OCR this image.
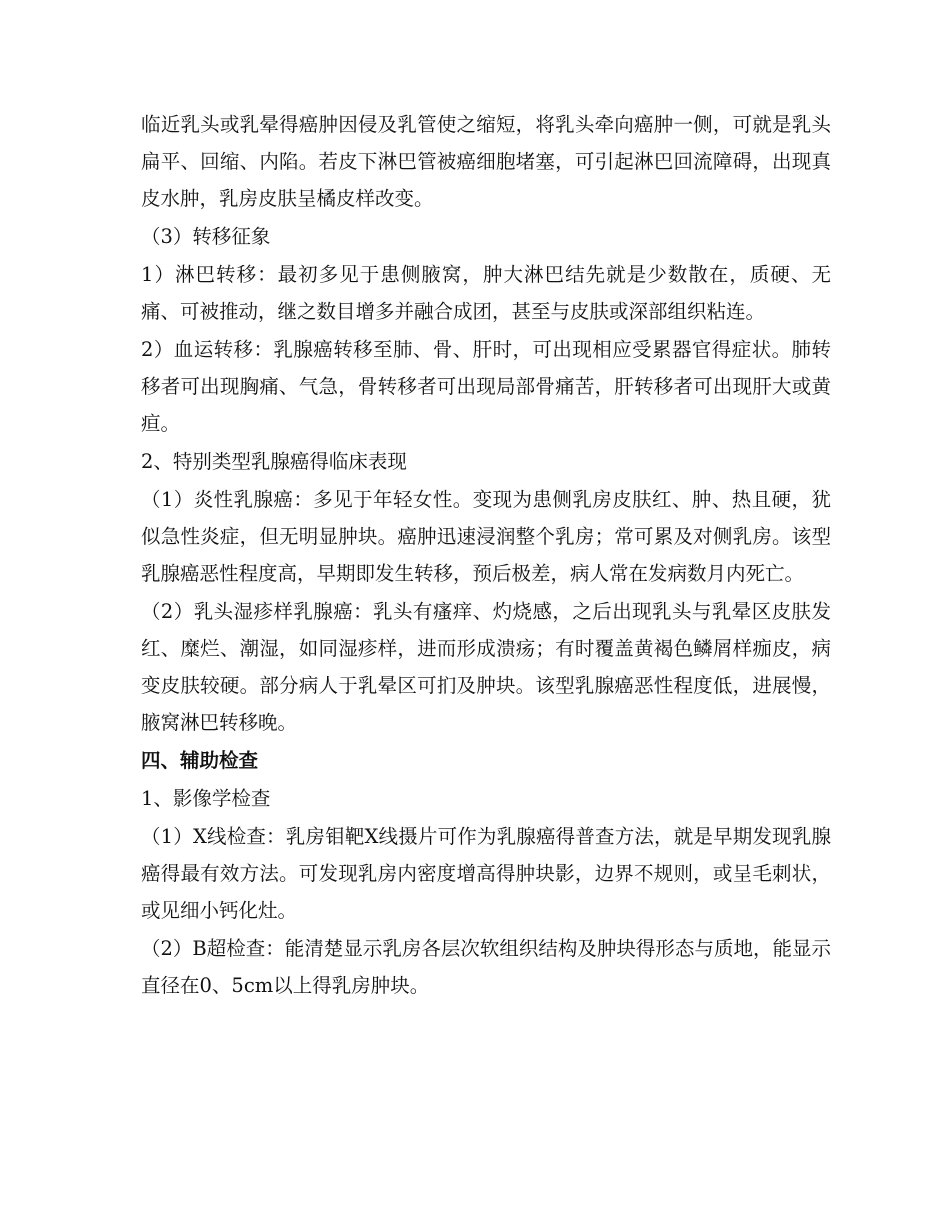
临近乳头或乳晕得癌肿因侵及乳管使之缩短，将乳头牵向癌肿一侧，可就是乳头扁平、回缩、内陷。若皮下淋巴管被癌细胞堵塞，可引起淋巴回流障碍，出现真皮水肿，乳房皮肤呈橘皮样改变。

（3）转移征象

1）淋巴转移：最初多见于患侧腋窝，肿大淋巴结先就是少数散在，质硬、无痛、可被推动，继之数目增多并融合成团，甚至与皮肤或深部组织粘连。

2）血运转移：乳腺癌转移至肺、骨、肝时，可出现相应受累器官得症状。肺转移者可出现胸痛、气急，骨转移者可出现局部骨痛苦，肝转移者可出现肝大或黄疸。

2、特别类型乳腺癌得临床表现

（1）炎性乳腺癌：多见于年轻女性。变现为患侧乳房皮肤红、肿、热且硬，犹似急性炎症，但无明显肿块。癌肿迅速浸润整个乳房；常可累及对侧乳房。该型乳腺癌恶性程度高，早期即发生转移，预后极差，病人常在发病数月内死亡。

（2）乳头湿疹样乳腺癌：乳头有瘙痒、灼烧感，之后出现乳头与乳晕区皮肤发红、糜烂、潮湿，如同湿疹样，进而形成溃疡；有时覆盖黄褐色鳞屑样痂皮，病变皮肤较硬。部分病人于乳晕区可扪及肿块。该型乳腺癌恶性程度低，进展慢，腋窝淋巴转移晚。

四、辅助检查

1、影像学检查

（1）X线检查：乳房钼靶X线摄片可作为乳腺癌得普查方法，就是早期发现乳腺癌得最有效方法。可发现乳房内密度增高得肿块影，边界不规则，或呈毛刺状，或见细小钙化灶。

（2）B超检查：能清楚显示乳房各层次软组织结构及肿块得形态与质地，能显示直径在0、5cm以上得乳房肿块。
